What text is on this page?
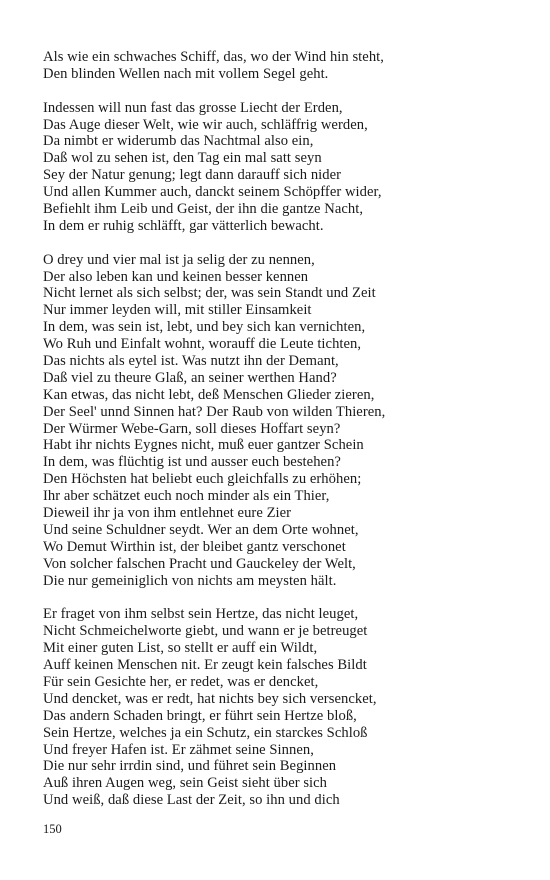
Als wie ein schwaches Schiff, das, wo der Wind hin steht,
Den blinden Wellen nach mit vollem Segel geht.
Indessen will nun fast das grosse Liecht der Erden,
Das Auge dieser Welt, wie wir auch, schläffrig werden,
Da nimbt er widerumb das Nachtmal also ein,
Daß wol zu sehen ist, den Tag ein mal satt seyn
Sey der Natur genung; legt dann darauff sich nider
Und allen Kummer auch, danckt seinem Schöpffer wider,
Befiehlt ihm Leib und Geist, der ihn die gantze Nacht,
In dem er ruhig schläfft, gar vätterlich bewacht.
O drey und vier mal ist ja selig der zu nennen,
Der also leben kan und keinen besser kennen
Nicht lernet als sich selbst; der, was sein Standt und Zeit
Nur immer leyden will, mit stiller Einsamkeit
In dem, was sein ist, lebt, und bey sich kan vernichten,
Wo Ruh und Einfalt wohnt, worauff die Leute tichten,
Das nichts als eytel ist. Was nutzt ihn der Demant,
Daß viel zu theure Glaß, an seiner werthen Hand?
Kan etwas, das nicht lebt, deß Menschen Glieder zieren,
Der Seel' unnd Sinnen hat? Der Raub von wilden Thieren,
Der Würmer Webe-Garn, soll dieses Hoffart seyn?
Habt ihr nichts Eygnes nicht, muß euer gantzer Schein
In dem, was flüchtig ist und ausser euch bestehen?
Den Höchsten hat beliebt euch gleichfalls zu erhöhen;
Ihr aber schätzet euch noch minder als ein Thier,
Dieweil ihr ja von ihm entlehnet eure Zier
Und seine Schuldner seydt. Wer an dem Orte wohnet,
Wo Demut Wirthin ist, der bleibet gantz verschonet
Von solcher falschen Pracht und Gauckeley der Welt,
Die nur gemeiniglich von nichts am meysten hält.
Er fraget von ihm selbst sein Hertze, das nicht leuget,
Nicht Schmeichelworte giebt, und wann er je betreuget
Mit einer guten List, so stellt er auff ein Wildt,
Auff keinen Menschen nit. Er zeugt kein falsches Bildt
Für sein Gesichte her, er redet, was er dencket,
Und dencket, was er redt, hat nichts bey sich versencket,
Das andern Schaden bringt, er führt sein Hertze bloß,
Sein Hertze, welches ja ein Schutz, ein starckes Schloß
Und freyer Hafen ist. Er zähmet seine Sinnen,
Die nur sehr irrdin sind, und führet sein Beginnen
Auß ihren Augen weg, sein Geist sieht über sich
Und weiß, daß diese Last der Zeit, so ihn und dich
150
